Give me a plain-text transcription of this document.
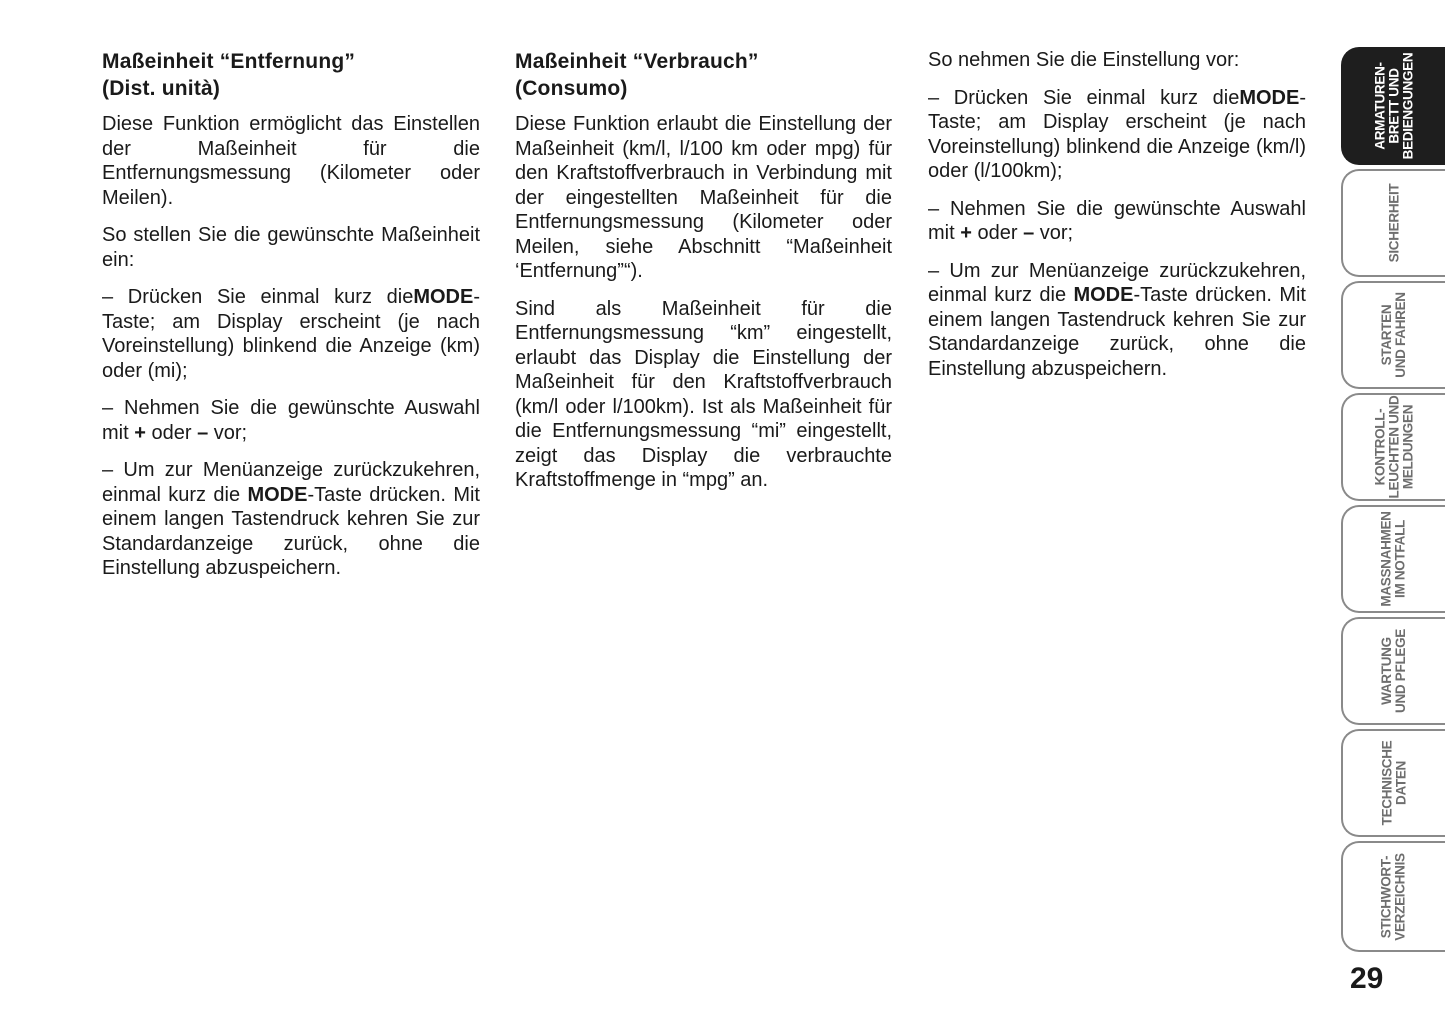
Maßeinheit “Entfernung”
(Dist. unità)

Diese Funktion ermöglicht das Einstellen der Maßeinheit für die Entfernungsmessung (Kilometer oder Meilen).

So stellen Sie die gewünschte Maßeinheit ein:

– Drücken Sie einmal kurz dieMODE-Taste; am Display erscheint (je nach Voreinstellung) blinkend die Anzeige (km) oder (mi);

– Nehmen Sie die gewünschte Auswahl mit + oder – vor;

– Um zur Menüanzeige zurückzukehren, einmal kurz die MODE-Taste drücken. Mit einem langen Tastendruck kehren Sie zur Standardanzeige zurück, ohne die Einstellung abzuspeichern.

Maßeinheit “Verbrauch”
(Consumo)

Diese Funktion erlaubt die Einstellung der Maßeinheit (km/l, l/100 km oder mpg) für den Kraftstoffverbrauch in Verbindung mit der eingestellten Maßeinheit für die Entfernungsmessung (Kilometer oder Meilen, siehe Abschnitt “Maßeinheit ‘Entfernung”“).

Sind als Maßeinheit für die Entfernungsmessung “km” eingestellt, erlaubt das Display die Einstellung der Maßeinheit für den Kraftstoffverbrauch (km/l oder l/100km). Ist als Maßeinheit für die Entfernungsmessung “mi” eingestellt, zeigt das Display die verbrauchte Kraftstoffmenge in “mpg” an.

So nehmen Sie die Einstellung vor:

– Drücken Sie einmal kurz dieMODE-Taste; am Display erscheint (je nach Voreinstellung) blinkend die Anzeige (km/l) oder (l/100km);

– Nehmen Sie die gewünschte Auswahl mit + oder – vor;

– Um zur Menüanzeige zurückzukehren, einmal kurz die MODE-Taste drücken. Mit einem langen Tastendruck kehren Sie zur Standardanzeige zurück, ohne die Einstellung abzuspeichern.

ARMATUREN-
BRETT UND
BEDIENGUNGEN
SICHERHEIT
STARTEN
UND FAHREN
KONTROLL-
LEUCHTEN UND
MELDUNGEN
MASSNAHMEN
IM NOTFALL
WARTUNG
UND PFLEGE
TECHNISCHE
DATEN
STICHWORT-
VERZEICHNIS
29
